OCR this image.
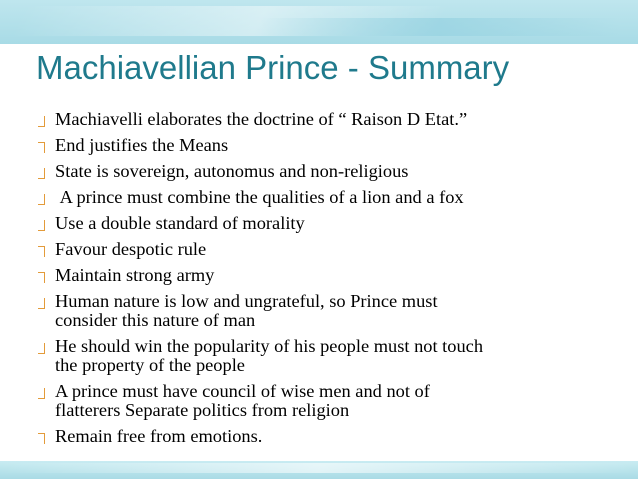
Machiavellian Prince - Summary
Machiavelli elaborates the doctrine of “ Raison D Etat.”
End justifies the Means
State is sovereign, autonomus and non-religious
A prince must combine the qualities of a lion and a fox
Use a double standard of morality
Favour despotic rule
Maintain strong army
Human nature is low and ungrateful, so Prince must
consider this nature of man
He should win the popularity of his people must not touch
the property of the people
A prince must have council of wise men and not of
flatterers Separate politics from religion
Remain free from emotions.
